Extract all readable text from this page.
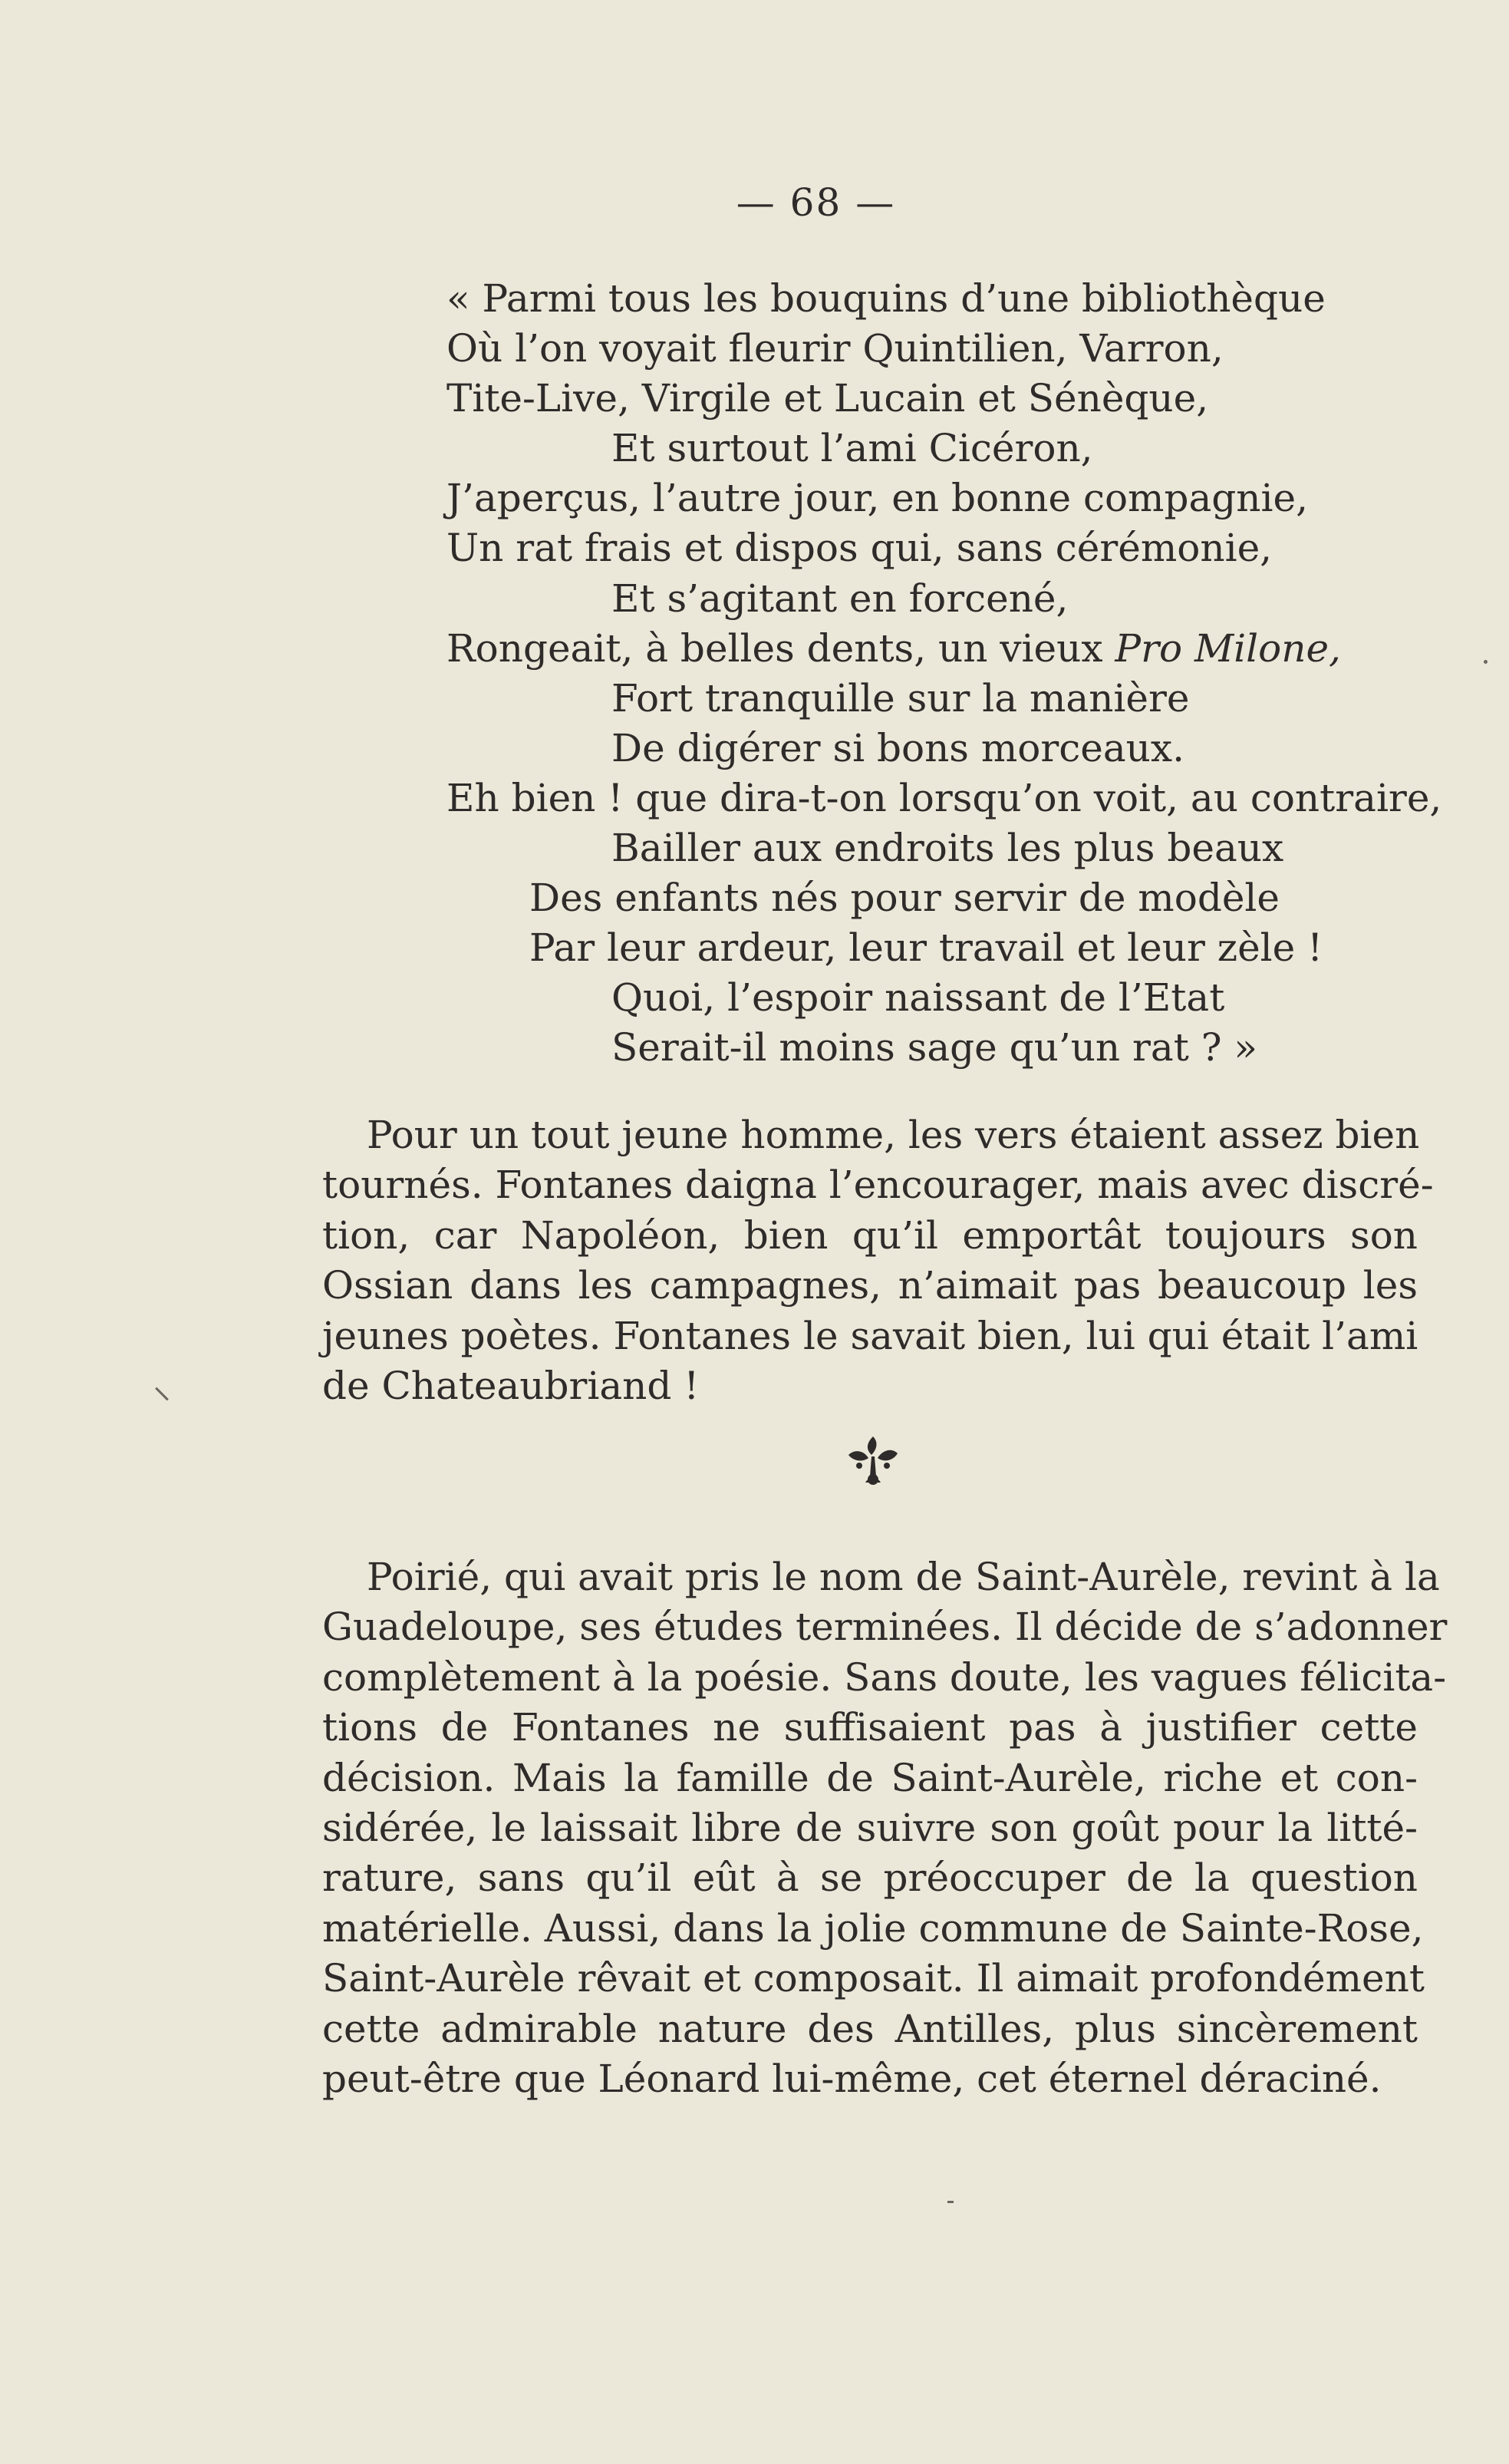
— 68 —
« Parmi tous les bouquins d’une bibliothèque
Où l’on voyait fleurir Quintilien, Varron,
Tite-Live, Virgile et Lucain et Sénèque,
Et surtout l’ami Cicéron,
J’aperçus, l’autre jour, en bonne compagnie,
Un rat frais et dispos qui, sans cérémonie,
Et s’agitant en forcené,
Rongeait, à belles dents, un vieux Pro Milone,
Fort tranquille sur la manière
De digérer si bons morceaux.
Eh bien ! que dira-t-on lorsqu’on voit, au contraire,
Bailler aux endroits les plus beaux
Des enfants nés pour servir de modèle
Par leur ardeur, leur travail et leur zèle !
Quoi, l’espoir naissant de l’Etat
Serait-il moins sage qu’un rat ? »
Pour un tout jeune homme, les vers étaient assez bien
tournés. Fontanes daigna l’encourager, mais avec discré-
tion, car Napoléon, bien qu’il emportât toujours son
Ossian dans les campagnes, n’aimait pas beaucoup les
jeunes poètes. Fontanes le savait bien, lui qui était l’ami
de Chateaubriand !
Poirié, qui avait pris le nom de Saint-Aurèle, revint à la
Guadeloupe, ses études terminées. Il décide de s’adonner
complètement à la poésie. Sans doute, les vagues félicita-
tions de Fontanes ne suffisaient pas à justifier cette
décision. Mais la famille de Saint-Aurèle, riche et con-
sidérée, le laissait libre de suivre son goût pour la litté-
rature, sans qu’il eût à se préoccuper de la question
matérielle. Aussi, dans la jolie commune de Sainte-Rose,
Saint-Aurèle rêvait et composait. Il aimait profondément
cette admirable nature des Antilles, plus sincèrement
peut-être que Léonard lui-même, cet éternel déraciné.
